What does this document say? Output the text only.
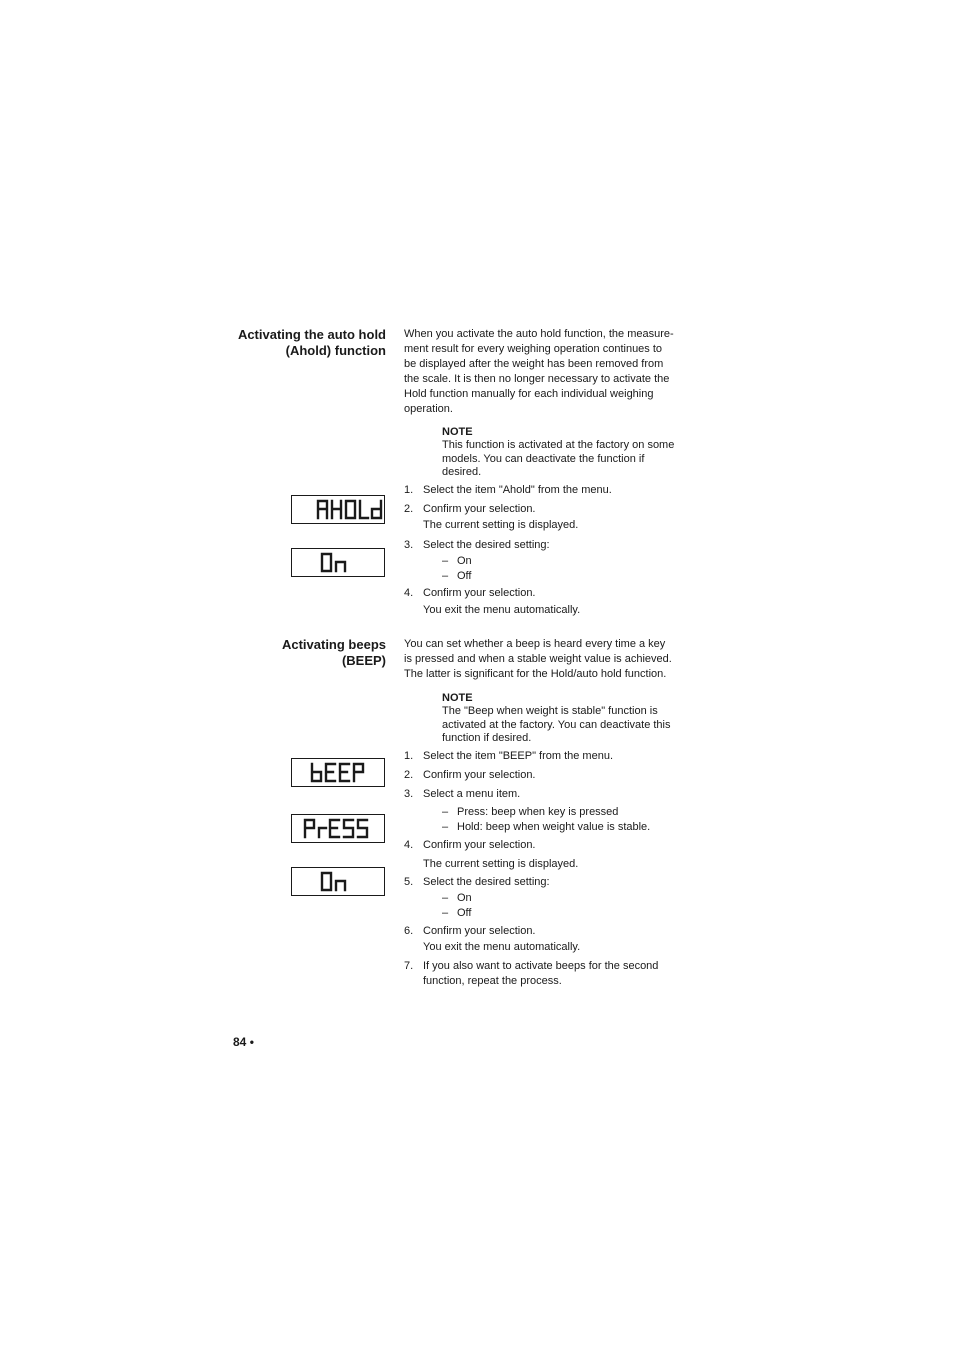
Activating the auto hold
(Ahold) function
When you activate the auto hold function, the measure-
ment result for every weighing operation continues to
be displayed after the weight has been removed from
the scale. It is then no longer necessary to activate the
Hold function manually for each individual weighing
operation.
NOTE
This function is activated at the factory on some
models. You can deactivate the function if
desired.
1. Select the item "Ahold" from the menu.
2. Confirm your selection.
The current setting is displayed.
3. Select the desired setting:
– On
– Off
4. Confirm your selection.
You exit the menu automatically.
Activating beeps
(BEEP)
You can set whether a beep is heard every time a key
is pressed and when a stable weight value is achieved.
The latter is significant for the Hold/auto hold function.
NOTE
The "Beep when weight is stable" function is
activated at the factory. You can deactivate this
function if desired.
1. Select the item "BEEP" from the menu.
2. Confirm your selection.
3. Select a menu item.
– Press: beep when key is pressed
– Hold: beep when weight value is stable.
4. Confirm your selection.
The current setting is displayed.
5. Select the desired setting:
– On
– Off
6. Confirm your selection.
You exit the menu automatically.
7. If you also want to activate beeps for the second
function, repeat the process.
84 •
